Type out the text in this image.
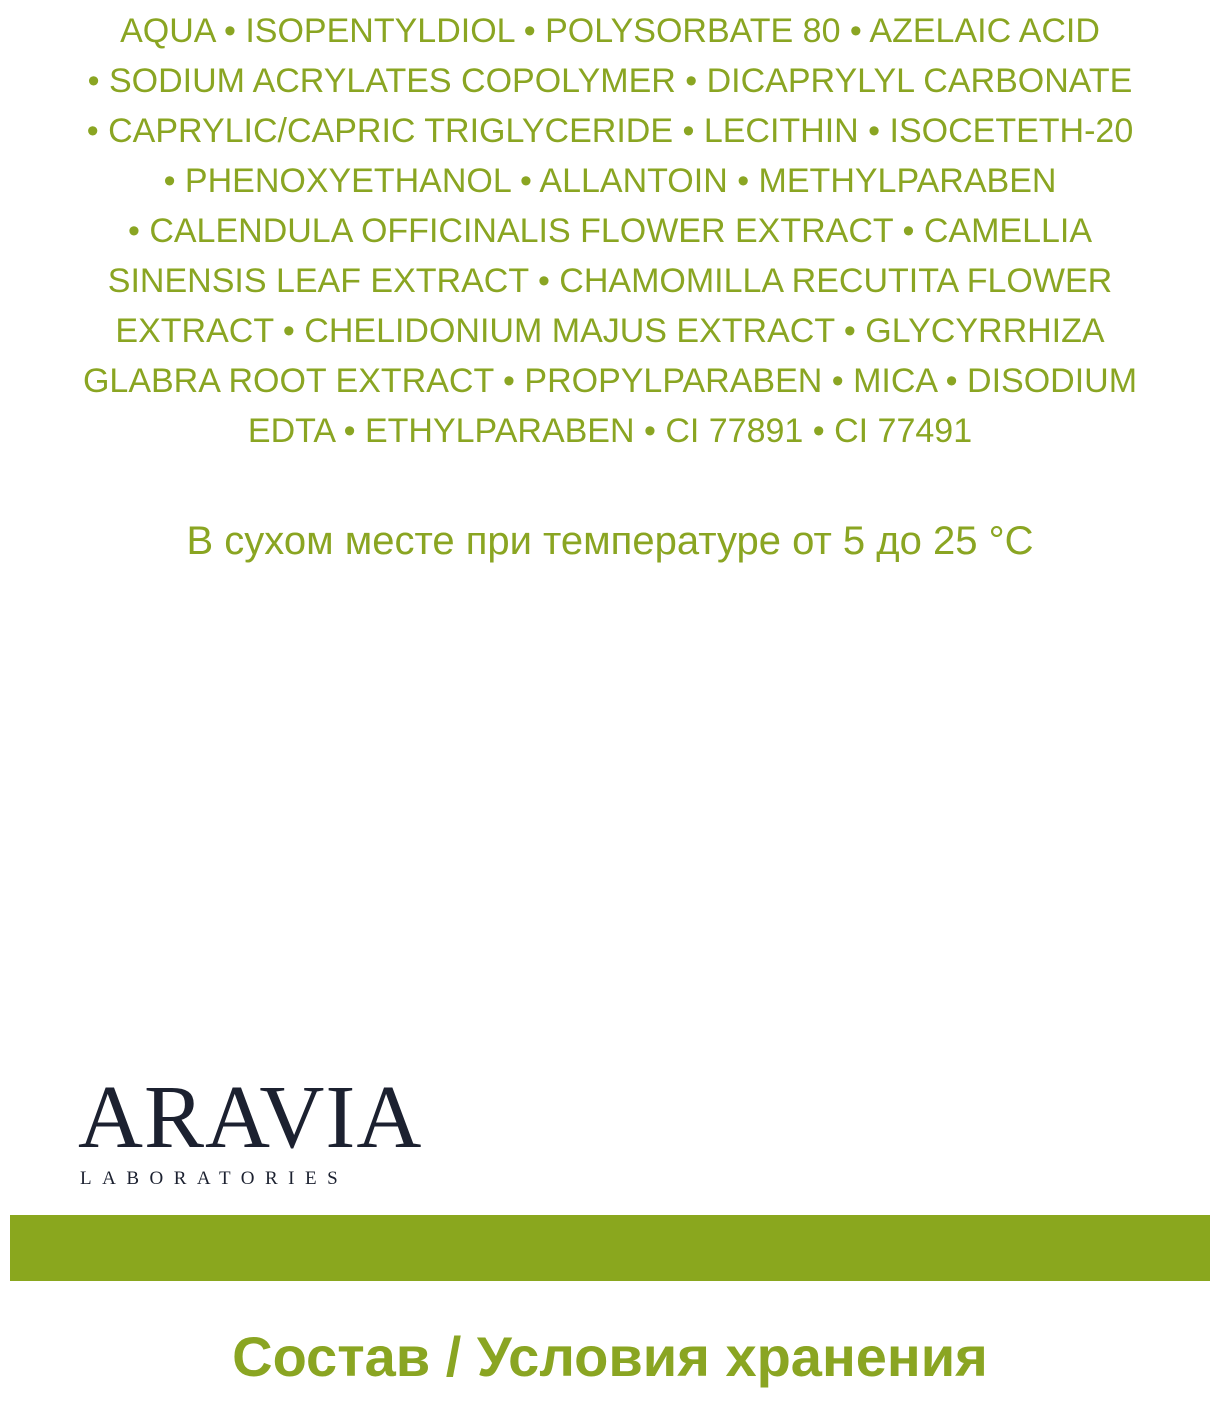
AQUA • ISOPENTYLDIOL • POLYSORBATE 80 • AZELAIC ACID
• SODIUM ACRYLATES COPOLYMER • DICAPRYLYL CARBONATE
• CAPRYLIC/CAPRIC TRIGLYCERIDE • LECITHIN • ISOCETETH-20
• PHENOXYETHANOL • ALLANTOIN • METHYLPARABEN
• CALENDULA OFFICINALIS FLOWER EXTRACT • CAMELLIA
SINENSIS LEAF EXTRACT • CHAMOMILLA RECUTITA FLOWER
EXTRACT • CHELIDONIUM MAJUS EXTRACT • GLYCYRRHIZA
GLABRA ROOT EXTRACT • PROPYLPARABEN • MICA • DISODIUM
EDTA • ETHYLPARABEN • CI 77891 • CI 77491
В сухом месте при температуре от 5 до 25 °C
ARAVIA
LABORATORIES
Состав / Условия хранения
